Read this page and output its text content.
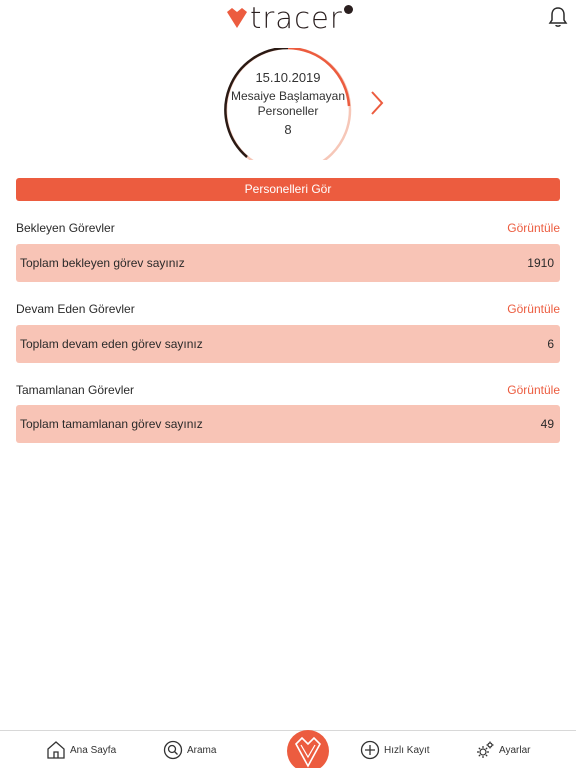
tracer
15.10.2019
Mesaiye Başlamayan
Personeller
8
Personelleri Gör
Bekleyen Görevler	Görüntüle
Toplam bekleyen görev sayınız	1910
Devam Eden Görevler	Görüntüle
Toplam devam eden görev sayınız	6
Tamamlanan Görevler	Görüntüle
Toplam tamamlanan görev sayınız	49
Ana Sayfa	Arama	Hızlı Kayıt	Ayarlar
